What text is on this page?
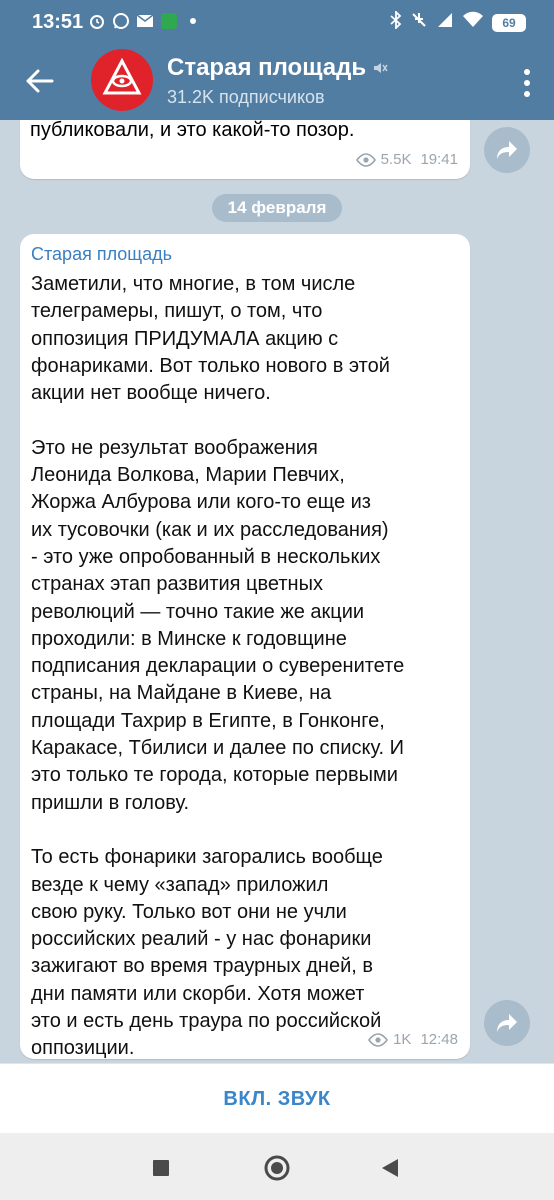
13:51	69
Старая площадь
31.2K подписчиков
публиковали, и это какой-то позор.
5.5K 19:41
14 февраля
Старая площадь
Заметили, что многие, в том числе
телеграмеры, пишут, о том, что
оппозиция ПРИДУМАЛА акцию с
фонариками. Вот только нового в этой
акции нет вообще ничего.

Это не результат воображения
Леонида Волкова, Марии Певчих,
Жоржа Албурова или кого-то еще из
их тусовочки (как и их расследования)
- это уже опробованный в нескольких
странах этап развития цветных
революций — точно такие же акции
проходили: в Минске к годовщине
подписания декларации о суверенитете
страны, на Майдане в Киеве, на
площади Тахрир в Египте, в Гонконге,
Каракасе, Тбилиси и далее по списку. И
это только те города, которые первыми
пришли в голову.

То есть фонарики загорались вообще
везде к чему «запад» приложил
свою руку. Только вот они не учли
российских реалий - у нас фонарики
зажигают во время траурных дней, в
дни памяти или скорби. Хотя может
это и есть день траура по российской
оппозиции.	1K 12:48
ВКЛ. ЗВУК
